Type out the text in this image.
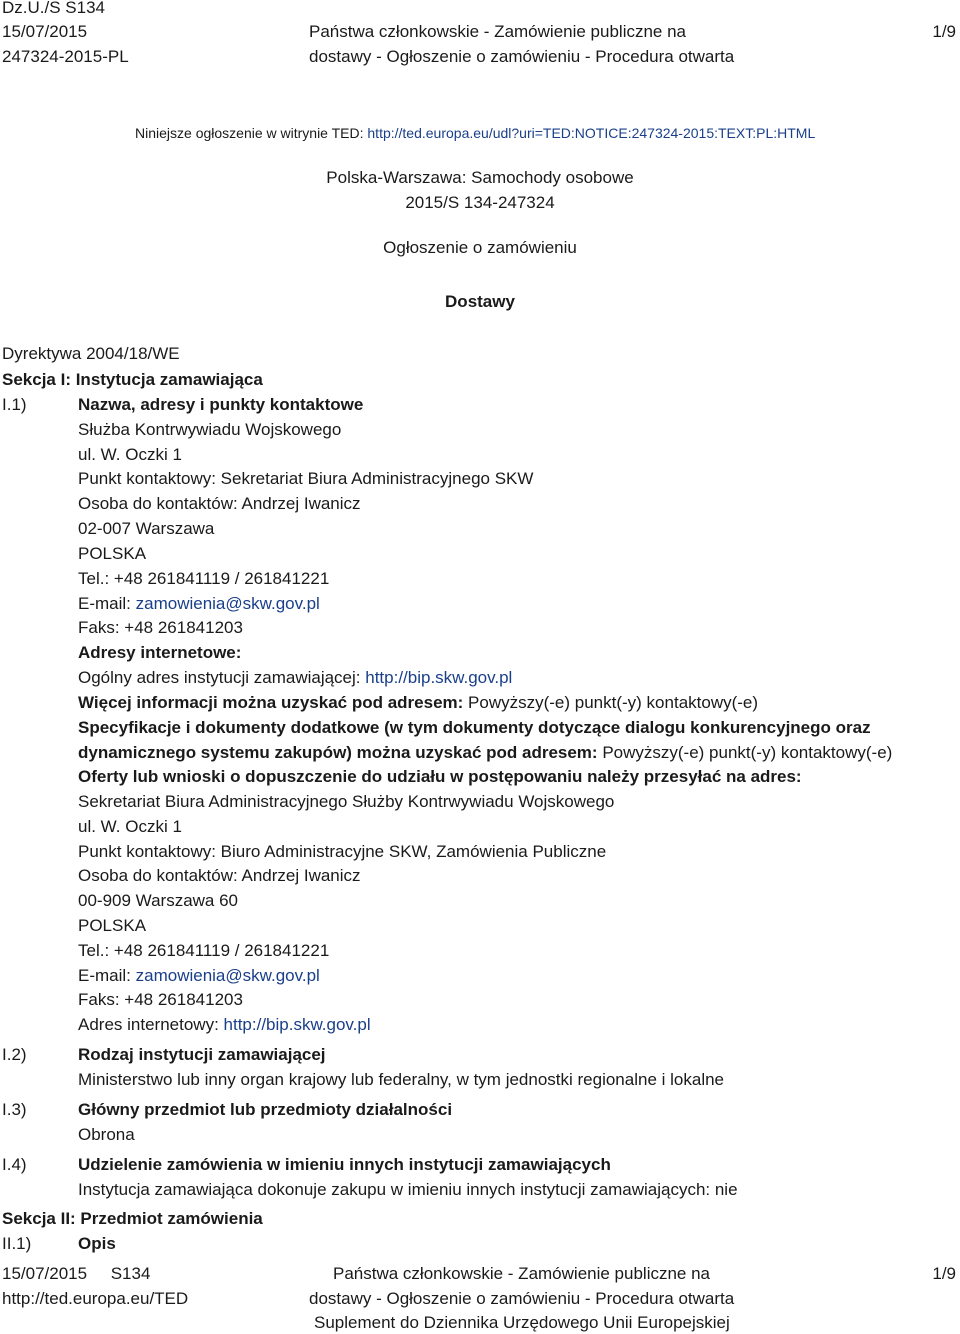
Dz.U./S S134
15/07/2015
247324-2015-PL
Państwa członkowskie - Zamówienie publiczne na
dostawy - Ogłoszenie o zamówieniu - Procedura otwarta
1/9
Niniejsze ogłoszenie w witrynie TED: http://ted.europa.eu/udl?uri=TED:NOTICE:247324-2015:TEXT:PL:HTML
Polska-Warszawa: Samochody osobowe
2015/S 134-247324
Ogłoszenie o zamówieniu
Dostawy
Dyrektywa 2004/18/WE
Sekcja I: Instytucja zamawiająca
I.1)	Nazwa, adresy i punkty kontaktowe
Służba Kontrwywiadu Wojskowego
ul. W. Oczki 1
Punkt kontaktowy: Sekretariat Biura Administracyjnego SKW
Osoba do kontaktów: Andrzej Iwanicz
02-007 Warszawa
POLSKA
Tel.: +48 261841119 / 261841221
E-mail: zamowienia@skw.gov.pl
Faks: +48 261841203
Adresy internetowe:
Ogólny adres instytucji zamawiającej: http://bip.skw.gov.pl
Więcej informacji można uzyskać pod adresem: Powyższy(-e) punkt(-y) kontaktowy(-e)
Specyfikacje i dokumenty dodatkowe (w tym dokumenty dotyczące dialogu konkurencyjnego oraz
dynamicznego systemu zakupów) można uzyskać pod adresem: Powyższy(-e) punkt(-y) kontaktowy(-e)
Oferty lub wnioski o dopuszczenie do udziału w postępowaniu należy przesyłać na adres:
Sekretariat Biura Administracyjnego Służby Kontrwywiadu Wojskowego
ul. W. Oczki 1
Punkt kontaktowy: Biuro Administracyjne SKW, Zamówienia Publiczne
Osoba do kontaktów: Andrzej Iwanicz
00-909 Warszawa 60
POLSKA
Tel.: +48 261841119 / 261841221
E-mail: zamowienia@skw.gov.pl
Faks: +48 261841203
Adres internetowy: http://bip.skw.gov.pl
I.2)	Rodzaj instytucji zamawiającej
Ministerstwo lub inny organ krajowy lub federalny, w tym jednostki regionalne i lokalne
I.3)	Główny przedmiot lub przedmioty działalności
Obrona
I.4)	Udzielenie zamówienia w imieniu innych instytucji zamawiających
Instytucja zamawiająca dokonuje zakupu w imieniu innych instytucji zamawiających: nie
Sekcja II: Przedmiot zamówienia
II.1)	Opis
15/07/2015     S134
http://ted.europa.eu/TED
Państwa członkowskie - Zamówienie publiczne na
dostawy - Ogłoszenie o zamówieniu - Procedura otwarta
Suplement do Dziennika Urzędowego Unii Europejskiej
1/9
